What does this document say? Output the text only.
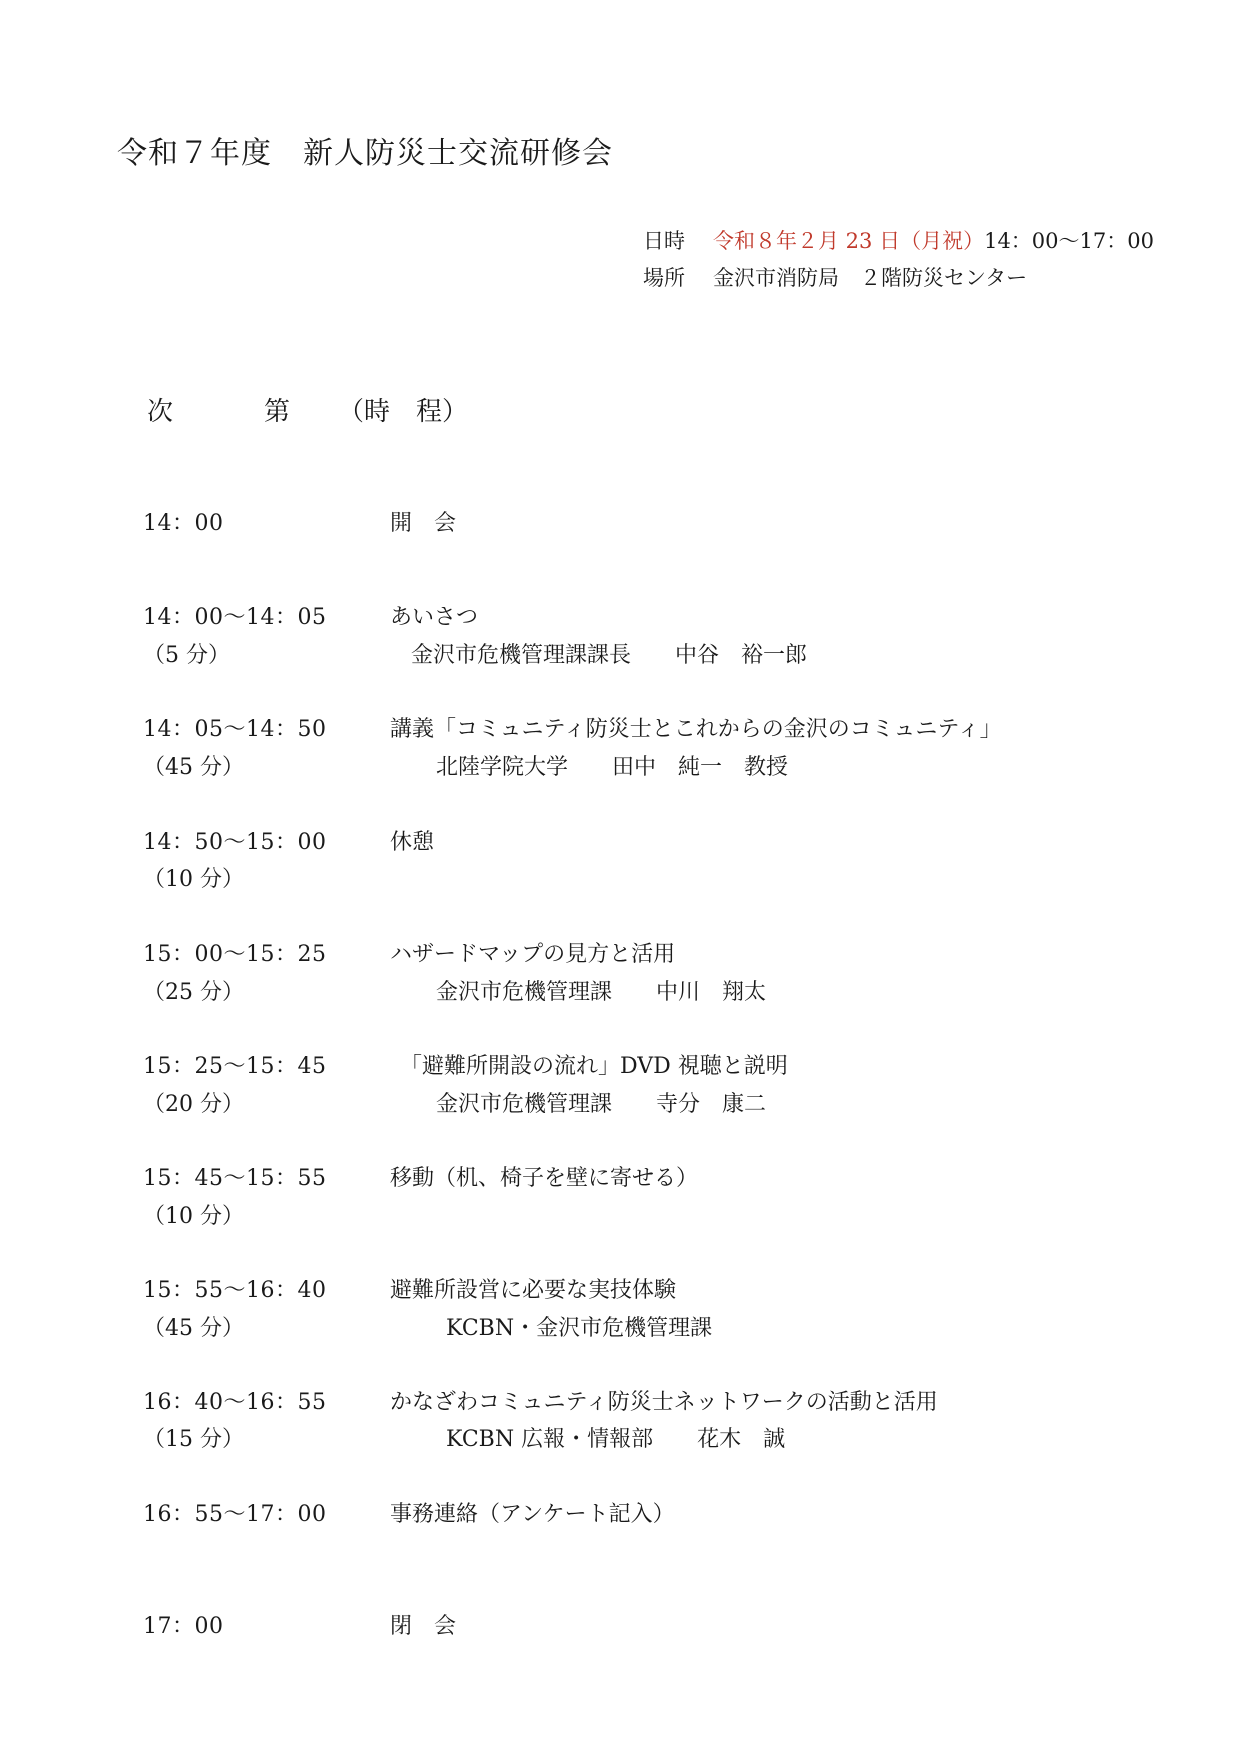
令和７年度　新人防災士交流研修会
日時 令和８年２月 23 日（月祝）14：00～17：00
場所 金沢市消防局　２階防災センター
次	第 （時　程）
14：00	開　会
14：00～14：05	あいさつ
（5 分）	金沢市危機管理課課長　　中谷　裕一郎
14：05～14：50	講義「コミュニティ防災士とこれからの金沢のコミュニティ」
（45 分）	北陸学院大学　　田中　純一　教授
14：50～15：00	休憩
（10 分）
15：00～15：25	ハザードマップの見方と活用
（25 分）	金沢市危機管理課　　中川　翔太
15：25～15：45	「避難所開設の流れ」DVD 視聴と説明
（20 分）	金沢市危機管理課　　寺分　康二
15：45～15：55	移動（机、椅子を壁に寄せる）
（10 分）
15：55～16：40	避難所設営に必要な実技体験
（45 分）	KCBN・金沢市危機管理課
16：40～16：55	かなざわコミュニティ防災士ネットワークの活動と活用
（15 分）	KCBN 広報・情報部　　花木　誠
16：55～17：00	事務連絡（アンケート記入）
17：00	閉　会
